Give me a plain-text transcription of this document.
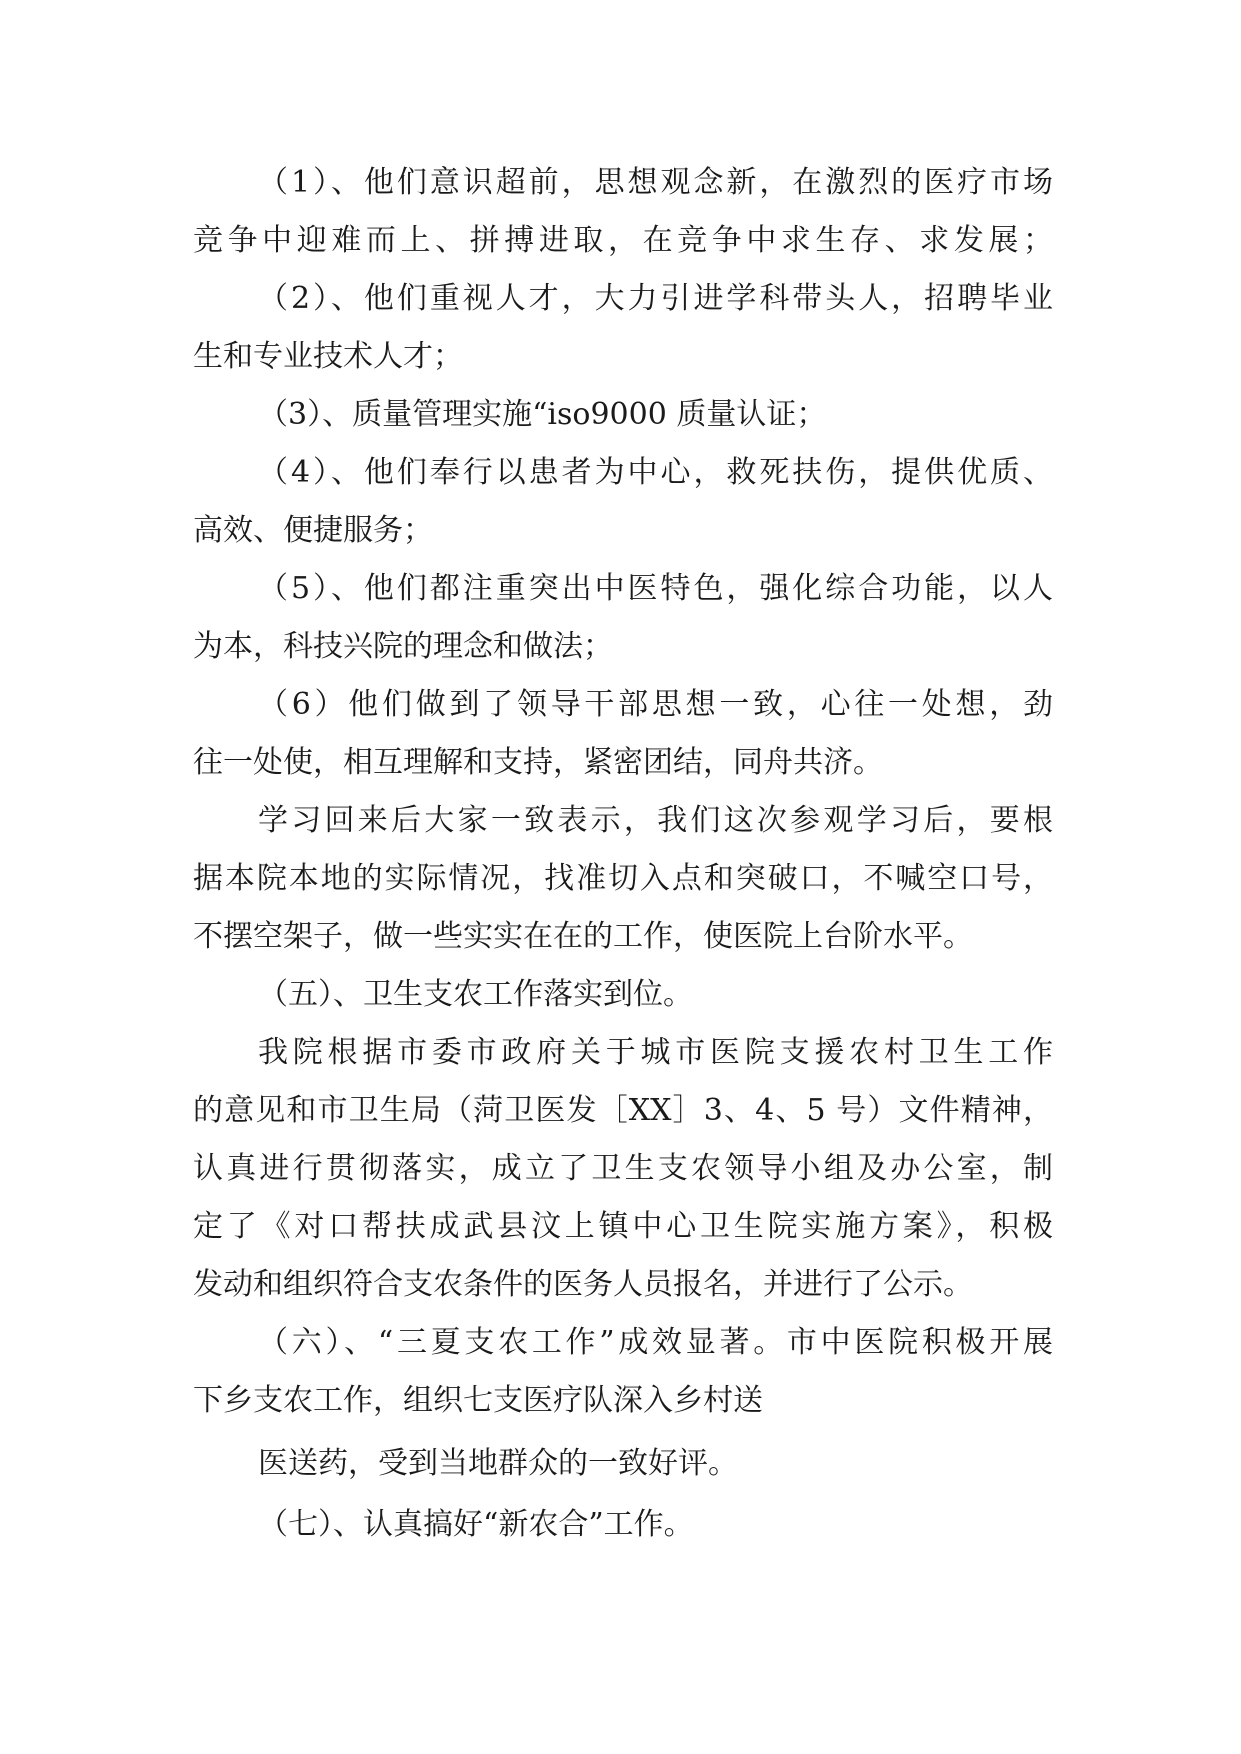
（1）、他们意识超前，思想观念新，在激烈的医疗市场
竞争中迎难而上、拼搏进取，在竞争中求生存、求发展；
（2）、他们重视人才，大力引进学科带头人，招聘毕业
生和专业技术人才；
（3）、质量管理实施“iso9000 质量认证；
（4）、他们奉行以患者为中心，救死扶伤，提供优质、
高效、便捷服务；
（5）、他们都注重突出中医特色，强化综合功能，以人
为本，科技兴院的理念和做法；
（6）他们做到了领导干部思想一致，心往一处想，劲
往一处使，相互理解和支持，紧密团结，同舟共济。
学习回来后大家一致表示，我们这次参观学习后，要根
据本院本地的实际情况，找准切入点和突破口，不喊空口号，
不摆空架子，做一些实实在在的工作，使医院上台阶水平。
（五）、卫生支农工作落实到位。
我院根据市委市政府关于城市医院支援农村卫生工作
的意见和市卫生局（菏卫医发［XX］3、4、5 号）文件精神，
认真进行贯彻落实，成立了卫生支农领导小组及办公室，制
定了《对口帮扶成武县汶上镇中心卫生院实施方案》，积极
发动和组织符合支农条件的医务人员报名，并进行了公示。
（六）、“三夏支农工作”成效显著。市中医院积极开展
下乡支农工作，组织七支医疗队深入乡村送
医送药，受到当地群众的一致好评。
（七）、认真搞好“新农合”工作。
